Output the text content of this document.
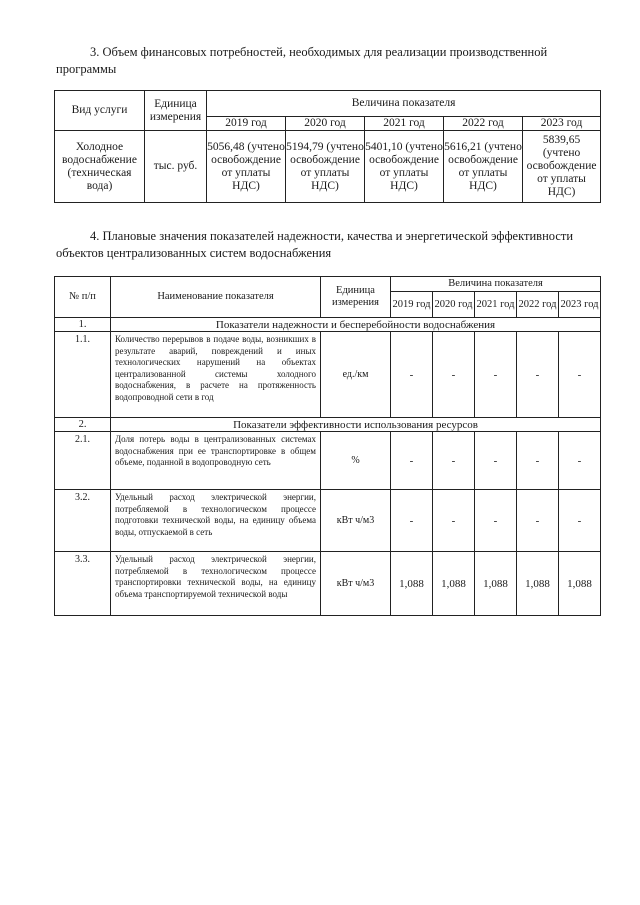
3. Объем финансовых потребностей, необходимых для реализации производственной
программы
Вид услуги	Единица измерения	Величина показателя				
		2019 год	2020 год	2021 год	2022 год	2023 год
Холодное водоснабжение (техническая вода)	тыс. руб.	5056,48 (учтено освобождение от уплаты НДС)	5194,79 (учтено освобождение от уплаты НДС)	5401,10 (учтено освобождение от уплаты НДС)	5616,21 (учтено освобождение от уплаты НДС)	5839,65 (учтено освобождение от уплаты НДС)
4. Плановые значения показателей надежности, качества и энергетической эффективности
объектов централизованных систем водоснабжения
№ п/п	Наименование показателя	Единица измерения	Величина показателя				
			2019 год	2020 год	2021 год	2022 год	2023 год
1.	Показатели надежности и бесперебойности водоснабжения						
1.1.	Количество перерывов в подаче воды, возникших в результате аварий, повреждений и иных технологических нарушений на объектах централизованной системы холодного водоснабжения, в расчете на протяженность водопроводной сети в год	ед./км	-	-	-	-	-
2.	Показатели эффективности использования ресурсов						
2.1.	Доля потерь воды в централизованных системах водоснабжения при ее транспортировке в общем объеме, поданной в водопроводную сеть	%	-	-	-	-	-
3.2.	Удельный расход электрической энергии, потребляемой в технологическом процессе подготовки технической воды, на единицу объема воды, отпускаемой в сеть	кВт ч/м3	-	-	-	-	-
3.3.	Удельный расход электрической энергии, потребляемой в технологическом процессе транспортировки технической воды, на единицу объема транспортируемой технической воды	кВт ч/м3	1,088	1,088	1,088	1,088	1,088
